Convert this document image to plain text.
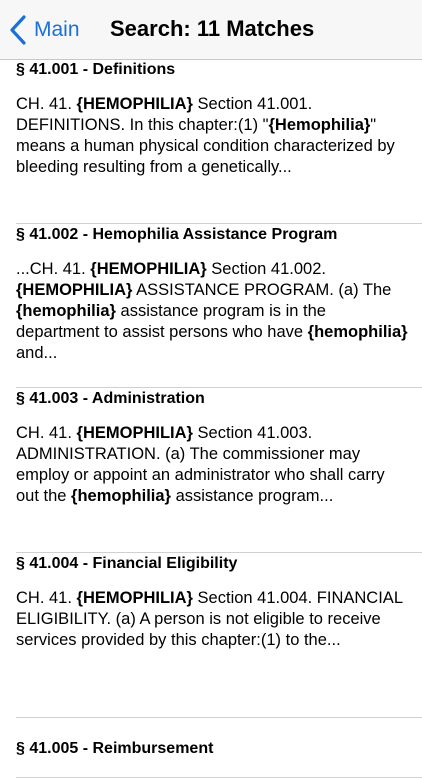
Main Search: 11 Matches
§ 41.001 - Definitions
CH. 41. {HEMOPHILIA} Section 41.001. DEFINITIONS. In this chapter:(1) "{Hemophilia}" means a human physical condition characterized by bleeding resulting from a genetically...
§ 41.002 - Hemophilia Assistance Program
...CH. 41. {HEMOPHILIA} Section 41.002. {HEMOPHILIA} ASSISTANCE PROGRAM. (a) The {hemophilia} assistance program is in the department to assist persons who have {hemophilia} and...
§ 41.003 - Administration
CH. 41. {HEMOPHILIA} Section 41.003. ADMINISTRATION. (a) The commissioner may employ or appoint an administrator who shall carry out the {hemophilia} assistance program...
§ 41.004 - Financial Eligibility
CH. 41. {HEMOPHILIA} Section 41.004. FINANCIAL ELIGIBILITY. (a) A person is not eligible to receive services provided by this chapter:(1) to the...
§ 41.005 - Reimbursement
